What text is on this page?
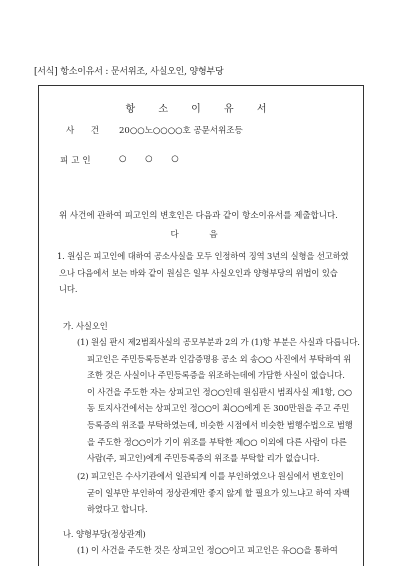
[서식] 항소이유서 : 문서위조, 사실오인, 양형부당
항 소 이 유 서
사 건 20○○노○○○○호 공문서위조등
피고인	○ ○ ○
위 사건에 관하여 피고인의 변호인은 다음과 같이 항소이유서를 제출합니다.
다 음

1. 원심은 피고인에 대하여 공소사실을 모두 인정하여 징역 3년의 실형을 선고하였

으나 다음에서 보는 바와 같이 원심은 일부 사실오인과 양형부당의 위법이 있습

니다.

가. 사실오인

(1) 원심 판시 제2범죄사실의 공모부분과 2의 가 (1)항 부분은 사실과 다릅니다.

피고인은 주민등록등본과 인감증명용 공소 외 송○○ 사진에서 부탁하여 위

조한 것은 사실이나 주민등록증을 위조하는데에 가담한 사실이 없습니다.

이 사건을 주도한 자는 상피고인 정○○인데 원심판시 범죄사실 제1항, ○○

동 토지사건에서는 상피고인 정○○이 최○○에게 돈 300만원을 주고 주민

등록증의 위조를 부탁하였는데, 비슷한 시점에서 비슷한 범행수법으로 범행

을 주도한 정○○이가 기이 위조를 부탁한 제○○ 이외에 다른 사람이 다른

사람(주, 피고인)에게 주민등록증의 위조를 부탁할 리가 없습니다.

(2) 피고인은 수사기관에서 일관되게 이를 부인하였으나 원심에서 변호인이

굳이 일부만 부인하여 정상관계만 좋지 않게 할 필요가 있느냐고 하여 자백

하였다고 합니다.

나. 양형부당(정상관계)

(1) 이 사건을 주도한 것은 상피고인 정○○이고 피고인은 유○○을 통하여
